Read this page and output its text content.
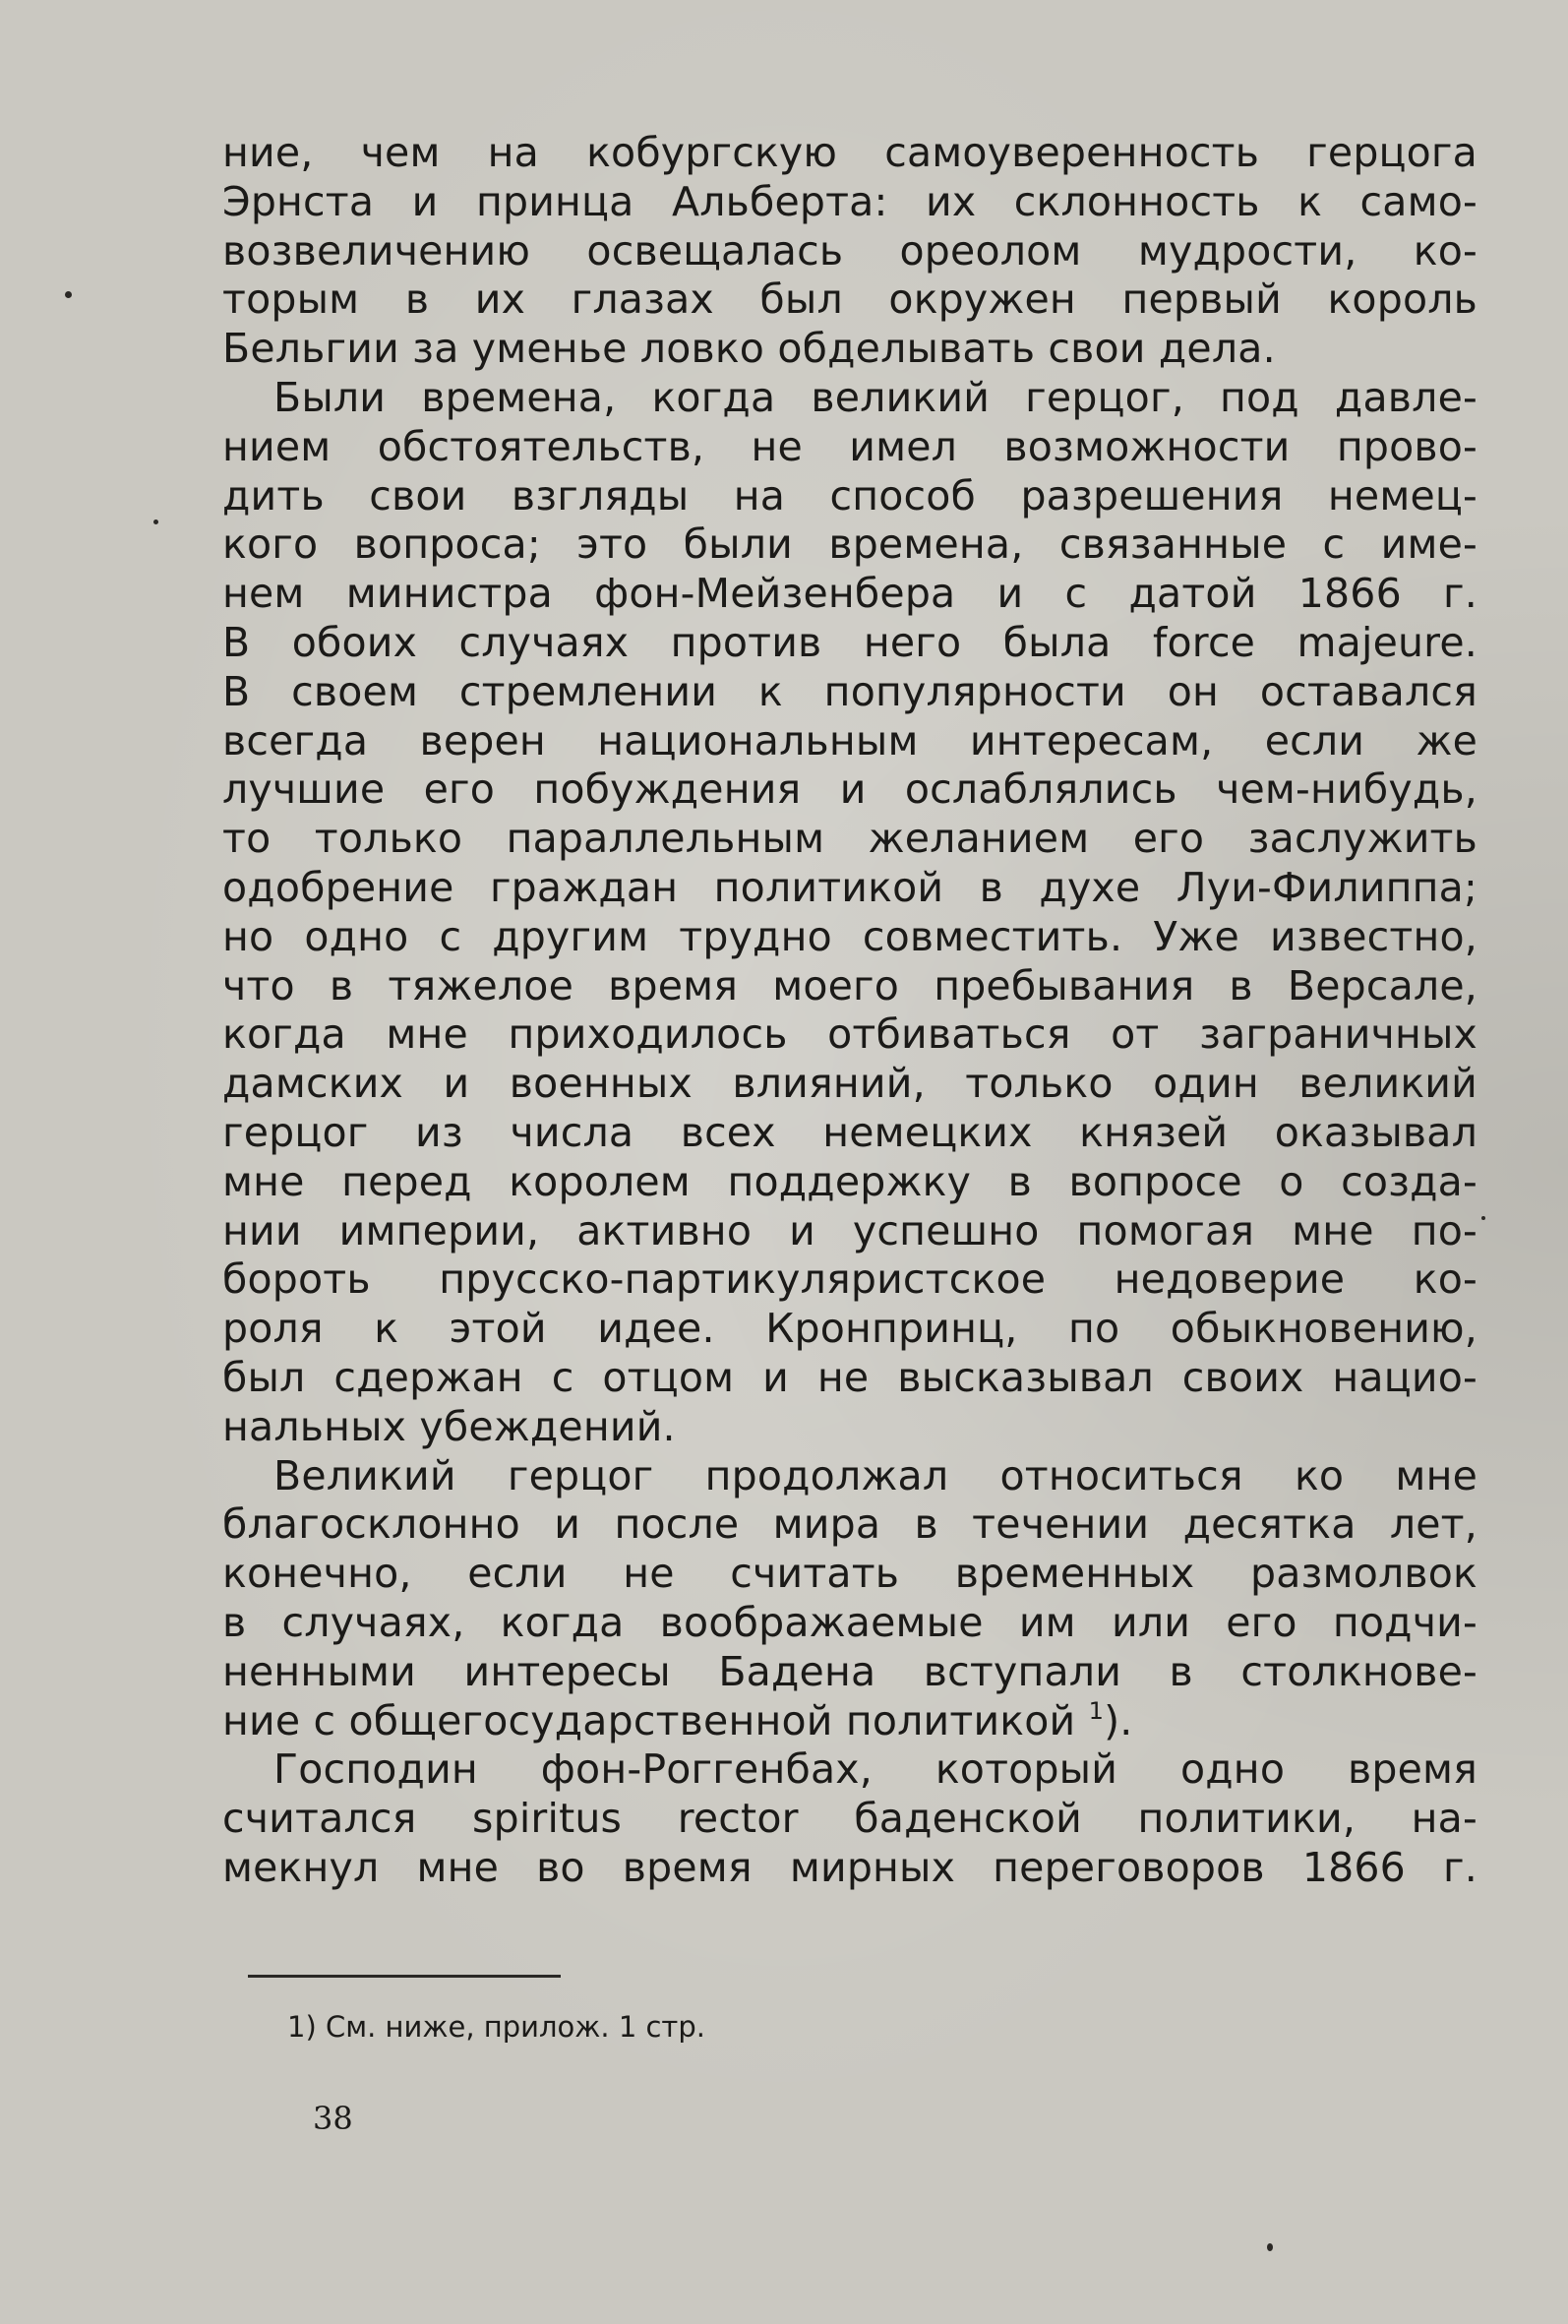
ние, чем на кобургскую самоуверенность герцога
Эрнста и принца Альберта: их склонность к само-
возвеличению освещалась ореолом мудрости, ко-
торым в их глазах был окружен первый король
Бельгии за уменье ловко обделывать свои дела.
Были времена, когда великий герцог, под давле-
нием обстоятельств, не имел возможности прово-
дить свои взгляды на способ разрешения немец-
кого вопроса; это были времена, связанные с име-
нем министра фон-Мейзенбера и с датой 1866 г.
В обоих случаях против него была force majeure.
В своем стремлении к популярности он оставался
всегда верен национальным интересам, если же
лучшие его побуждения и ослаблялись чем-нибудь,
то только параллельным желанием его заслужить
одобрение граждан политикой в духе Луи-Филиппа;
но одно с другим трудно совместить. Уже известно,
что в тяжелое время моего пребывания в Версале,
когда мне приходилось отбиваться от заграничных
дамских и военных влияний, только один великий
герцог из числа всех немецких князей оказывал
мне перед королем поддержку в вопросе о созда-
нии империи, активно и успешно помогая мне по-
бороть прусско-партикуляристское недоверие ко-
роля к этой идее. Кронпринц, по обыкновению,
был сдержан с отцом и не высказывал своих нацио-
нальных убеждений.
Великий герцог продолжал относиться ко мне
благосклонно и после мира в течении десятка лет,
конечно, если не считать временных размолвок
в случаях, когда воображаемые им или его подчи-
ненными интересы Бадена вступали в столкнове-
ние с общегосударственной политикой $^1$).
Господин фон-Роггенбах, который одно время
считался spiritus rector баденской политики, на-
мекнул мне во время мирных переговоров 1866 г.
1) См. ниже, прилож. 1 стр.
38
